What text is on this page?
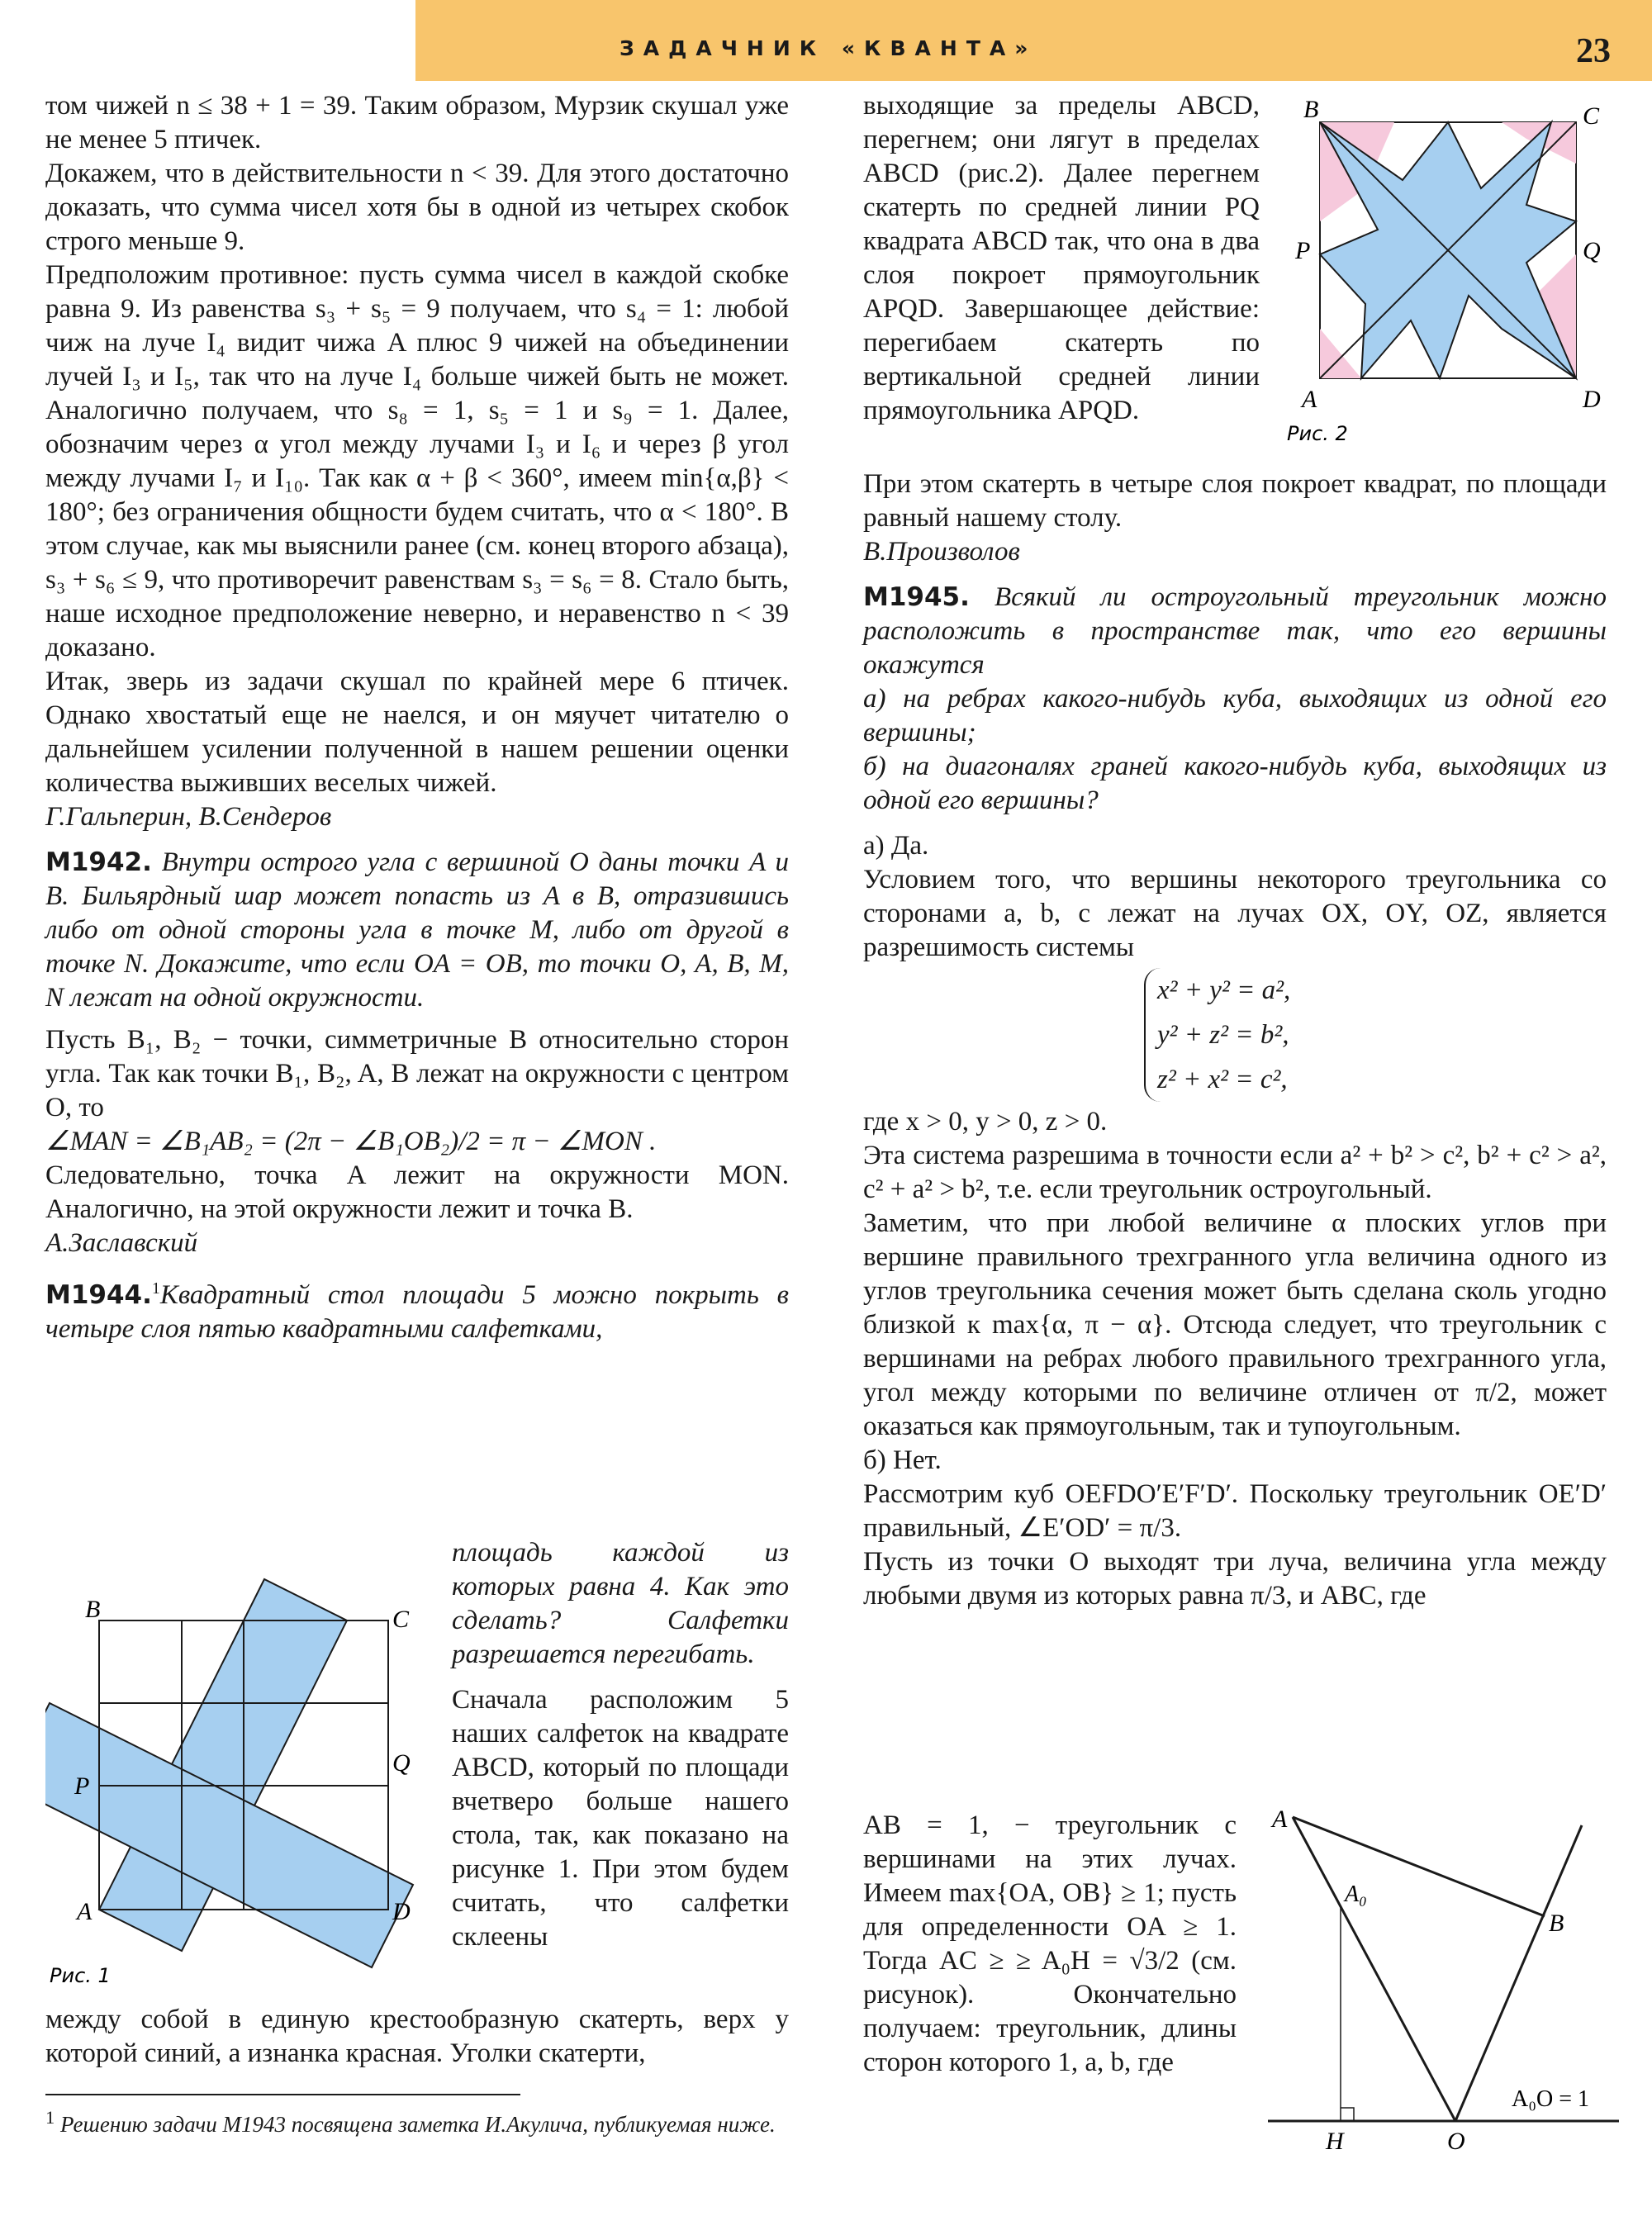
ЗАДАЧНИК «КВАНТА»	23

том чижей n ≤ 38 + 1 = 39. Таким образом, Мурзик скушал уже не менее 5 птичек.

Докажем, что в действительности n < 39. Для этого достаточно доказать, что сумма чисел хотя бы в одной из четырех скобок строго меньше 9.

Предположим противное: пусть сумма чисел в каждой скобке равна 9. Из равенства s₃ + s₅ = 9 получаем, что s₄ = 1: любой чиж на луче I₄ видит чижа A плюс 9 чижей на объединении лучей I₃ и I₅, так что на луче I₄ больше чижей быть не может. Аналогично получаем, что s₈ = 1, s₅ = 1 и s₉ = 1. Далее, обозначим через α угол между лучами I₃ и I₆ и через β угол между лучами I₇ и I₁₀. Так как α + β < 360°, имеем min{α,β} < 180°; без ограничения общности будем считать, что α < 180°. В этом случае, как мы выяснили ранее (см. конец второго абзаца), s₃ + s₆ ≤ 9, что противоречит равенствам s₃ = s₆ = 8. Стало быть, наше исходное предположение неверно, и неравенство n < 39 доказано.

Итак, зверь из задачи скушал по крайней мере 6 птичек. Однако хвостатый еще не наелся, и он мяучет читателю о дальнейшем усилении полученной в нашем решении оценки количества выживших веселых чижей.

Г.Гальперин, В.Сендеров

М1942. Внутри острого угла с вершиной O даны точки A и B. Бильярдный шар может попасть из A в B, отразившись либо от одной стороны угла в точке M, либо от другой в точке N. Докажите, что если OA = OB, то точки O, A, B, M, N лежат на одной окружности.

Пусть B₁, B₂ − точки, симметричные B относительно сторон угла. Так как точки B₁, B₂, A, B лежат на окружности с центром O, то

∠MAN = ∠B₁AB₂ = (2π − ∠B₁OB₂)/2 = π − ∠MON .

Следовательно, точка A лежит на окружности MON. Аналогично, на этой окружности лежит и точка B.

А.Заславский

М1944.$^1$Квадратный стол площади 5 можно покрыть в четыре слоя пятью квадратными салфетками,

B	C
P
Q
A	D
Рис. 1

площадь каждой из которых равна 4. Как это сделать? Салфетки разрешается перегибать.

Сначала расположим 5 наших салфеток на квадрате ABCD, который по площади вчетверо больше нашего стола, так, как показано на рисунке 1. При этом будем считать, что салфетки склеены

между собой в единую крестообразную скатерть, верх у которой синий, а изнанка красная. Уголки скатерти,

$^1$ Решению задачи М1943 посвящена заметка И.Акулича, публикуемая ниже.

выходящие за пределы ABCD, перегнем; они лягут в пределах ABCD (рис.2). Далее перегнем скатерть по средней линии PQ квадрата ABCD так, что она в два слоя покроет прямоугольник APQD. Завершающее действие: перегибаем скатерть по вертикальной средней линии прямоугольника APQD.

B	C
P	Q
A	D
Рис. 2

При этом скатерть в четыре слоя покроет квадрат, по площади равный нашему столу.

В.Произволов

М1945. Всякий ли остроугольный треугольник можно расположить в пространстве так, что его вершины окажутся

а) на ребрах какого-нибудь куба, выходящих из одной его вершины;

б) на диагоналях граней какого-нибудь куба, выходящих из одной его вершины?

а) Да.

Условием того, что вершины некоторого треугольника со сторонами a, b, c лежат на лучах OX, OY, OZ, является разрешимость системы

x² + y² = a²,
y² + z² = b²,
z² + x² = c²,

где x > 0, y > 0, z > 0.

Эта система разрешима в точности если a² + b² > c², b² + c² > a², c² + a² > b², т.е. если треугольник остроугольный.

Заметим, что при любой величине α плоских углов при вершине правильного трехгранного угла величина одного из углов треугольника сечения может быть сделана сколь угодно близкой к max{α, π − α}. Отсюда следует, что треугольник с вершинами на ребрах любого правильного трехгранного угла, угол между которыми по величине отличен от π/2, может оказаться как прямоугольным, так и тупоугольным.

б) Нет.

Рассмотрим куб OEFDO′E′F′D′. Поскольку треугольник OE′D′ правильный, ∠E′OD′ = π/3.

Пусть из точки O выходят три луча, величина угла между любыми двумя из которых равна π/3, и ABC, где

AB = 1, − треугольник с вершинами на этих лучах. Имеем max{OA, OB} ≥ 1; пусть для определенности OA ≥ 1. Тогда AC ≥ ≥ A₀H = √3/2 (см. рисунок). Окончательно получаем: треугольник, длины сторон которого 1, a, b, где

A
A₀
B
H	O
A₀O = 1
